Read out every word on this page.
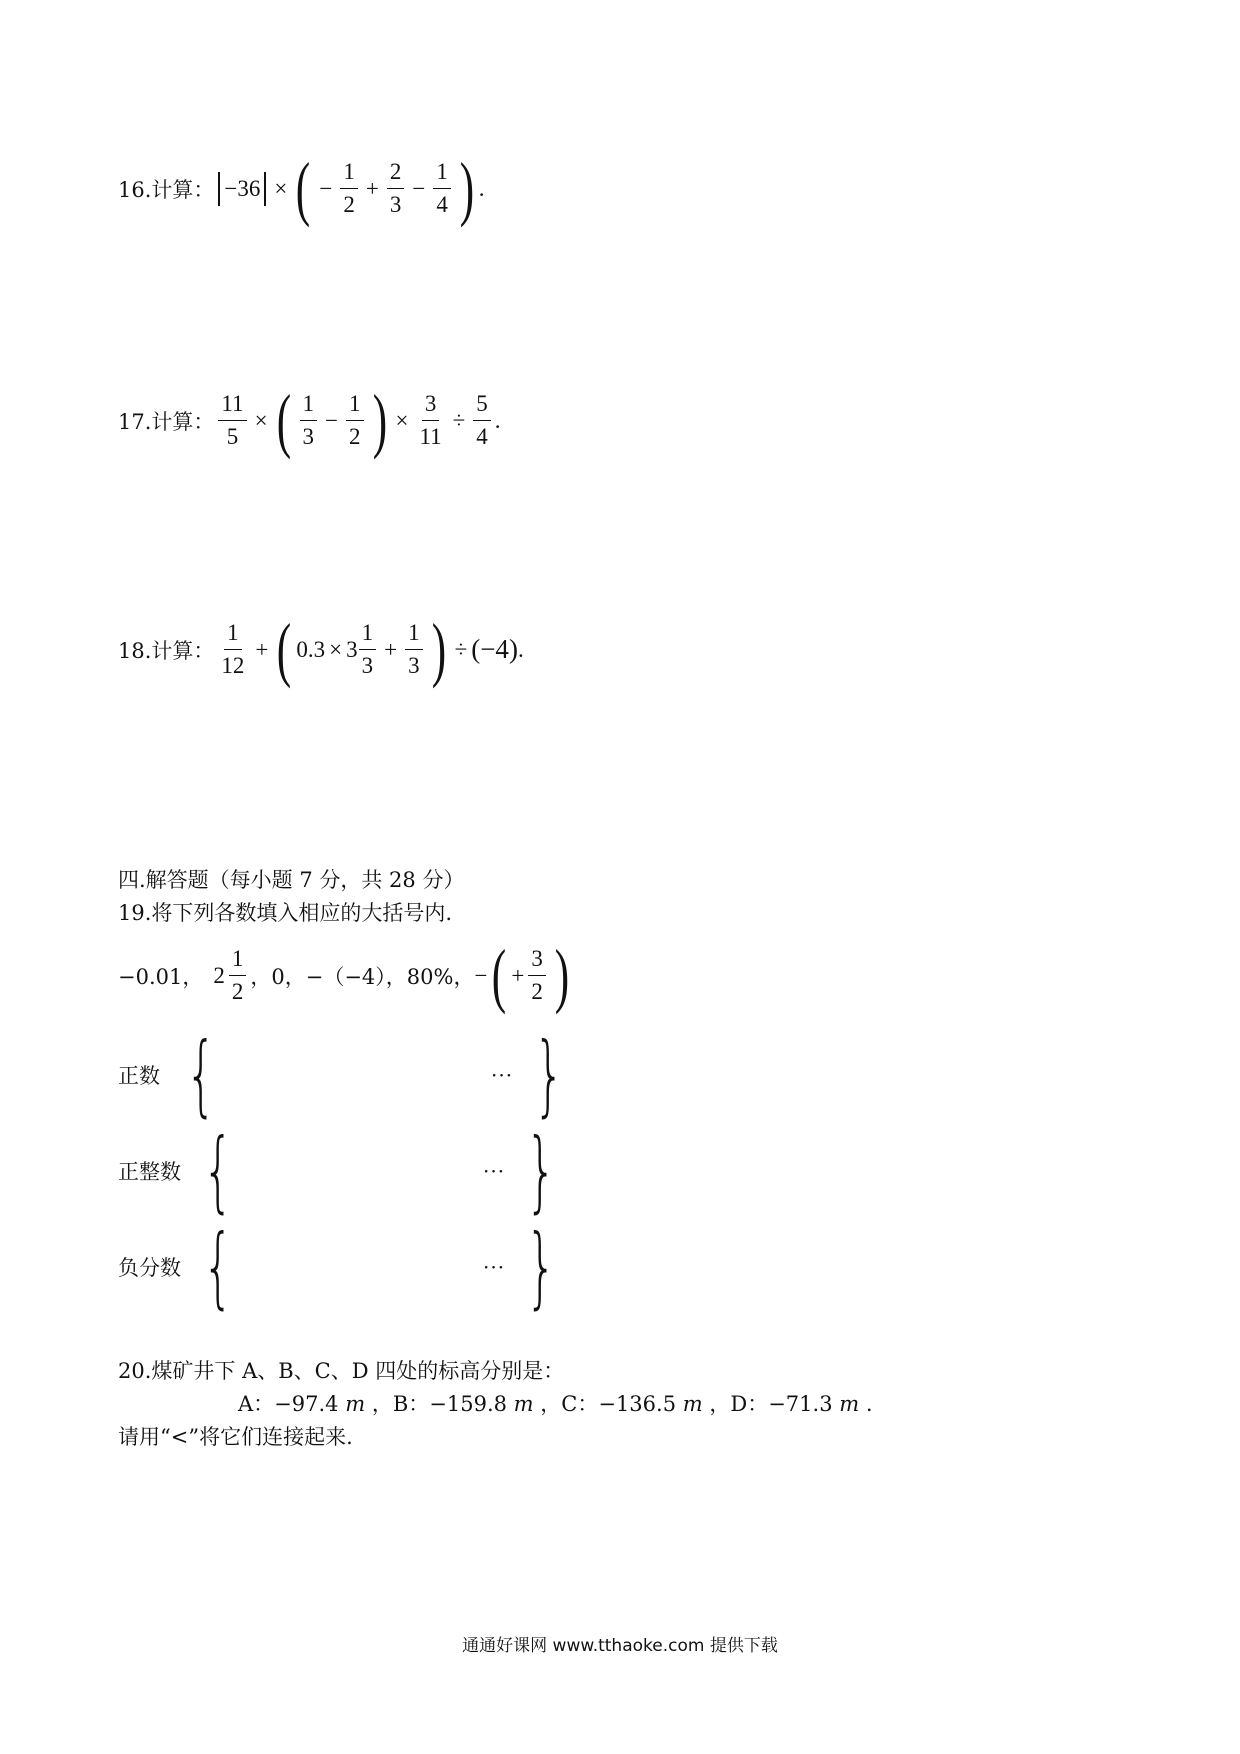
16.计算： −36 × ( − $\frac{1}{2} + \frac{2}{3} - \frac{1}{4}$ ) .
17.计算： $\frac{11}{5}$ × ( $\frac{1}{3} - \frac{1}{2}$ ) × $\frac{3}{11} \div \frac{5}{4}$ .
18.计算： $\frac{1}{12}$ + ( $0.3 \times 3 \frac{1}{3} + \frac{1}{3}$ ) ÷ (−4) .
四.解答题（每小题 7 分，共 28 分）
19.将下列各数填入相应的大括号内.
−0.01， $2 \frac{1}{2}$ ，0，−（−4），80%， − ( + $\frac{3}{2}$ )
正数 {	··· }
正整数 {	··· }
负分数 {	··· }
20.煤矿井下 A、B、C、D 四处的标高分别是：
A：−97.4 m ，B：−159.8 m ，C：−136.5 m ，D：−71.3 m .
请用“<”将它们连接起来.
通通好课网 www.tthaoke.com 提供下载
